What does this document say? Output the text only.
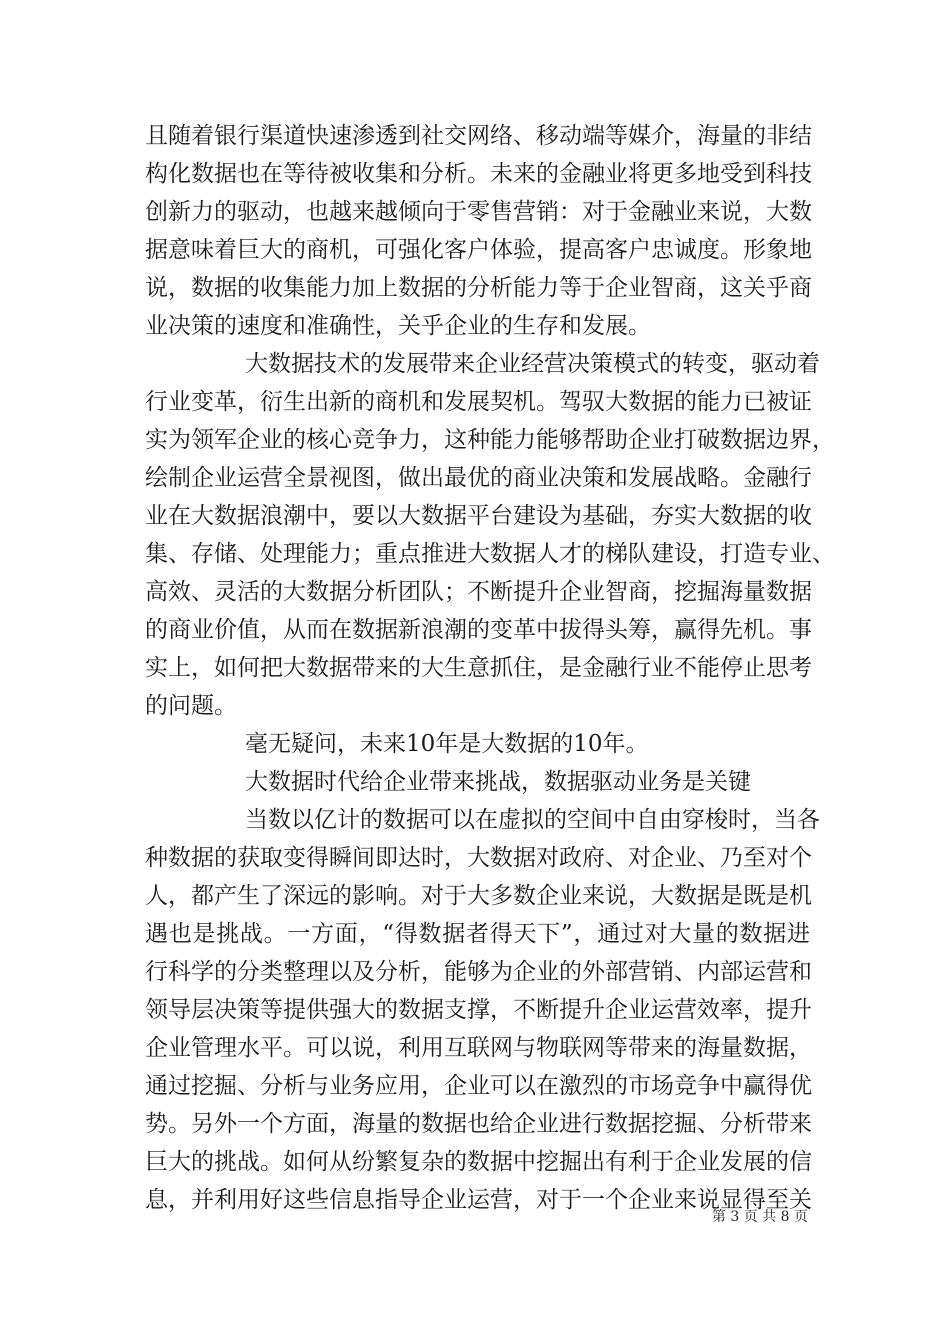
且随着银行渠道快速渗透到社交网络、移动端等媒介，海量的非结
构化数据也在等待被收集和分析。未来的金融业将更多地受到科技
创新力的驱动，也越来越倾向于零售营销：对于金融业来说，大数
据意味着巨大的商机，可强化客户体验，提高客户忠诚度。形象地
说，数据的收集能力加上数据的分析能力等于企业智商，这关乎商
业决策的速度和准确性，关乎企业的生存和发展。
大数据技术的发展带来企业经营决策模式的转变，驱动着
行业变革，衍生出新的商机和发展契机。驾驭大数据的能力已被证
实为领军企业的核心竞争力，这种能力能够帮助企业打破数据边界，
绘制企业运营全景视图，做出最优的商业决策和发展战略。金融行
业在大数据浪潮中，要以大数据平台建设为基础，夯实大数据的收
集、存储、处理能力；重点推进大数据人才的梯队建设，打造专业、
高效、灵活的大数据分析团队；不断提升企业智商，挖掘海量数据
的商业价值，从而在数据新浪潮的变革中拔得头筹，赢得先机。事
实上，如何把大数据带来的大生意抓住，是金融行业不能停止思考
的问题。
毫无疑问，未来10年是大数据的10年。
大数据时代给企业带来挑战，数据驱动业务是关键
当数以亿计的数据可以在虚拟的空间中自由穿梭时，当各
种数据的获取变得瞬间即达时，大数据对政府、对企业、乃至对个
人，都产生了深远的影响。对于大多数企业来说，大数据是既是机
遇也是挑战。一方面，“得数据者得天下”，通过对大量的数据进
行科学的分类整理以及分析，能够为企业的外部营销、内部运营和
领导层决策等提供强大的数据支撑，不断提升企业运营效率，提升
企业管理水平。可以说，利用互联网与物联网等带来的海量数据，
通过挖掘、分析与业务应用，企业可以在激烈的市场竞争中赢得优
势。另外一个方面，海量的数据也给企业进行数据挖掘、分析带来
巨大的挑战。如何从纷繁复杂的数据中挖掘出有利于企业发展的信
息，并利用好这些信息指导企业运营，对于一个企业来说显得至关
第 3 页 共 8 页
